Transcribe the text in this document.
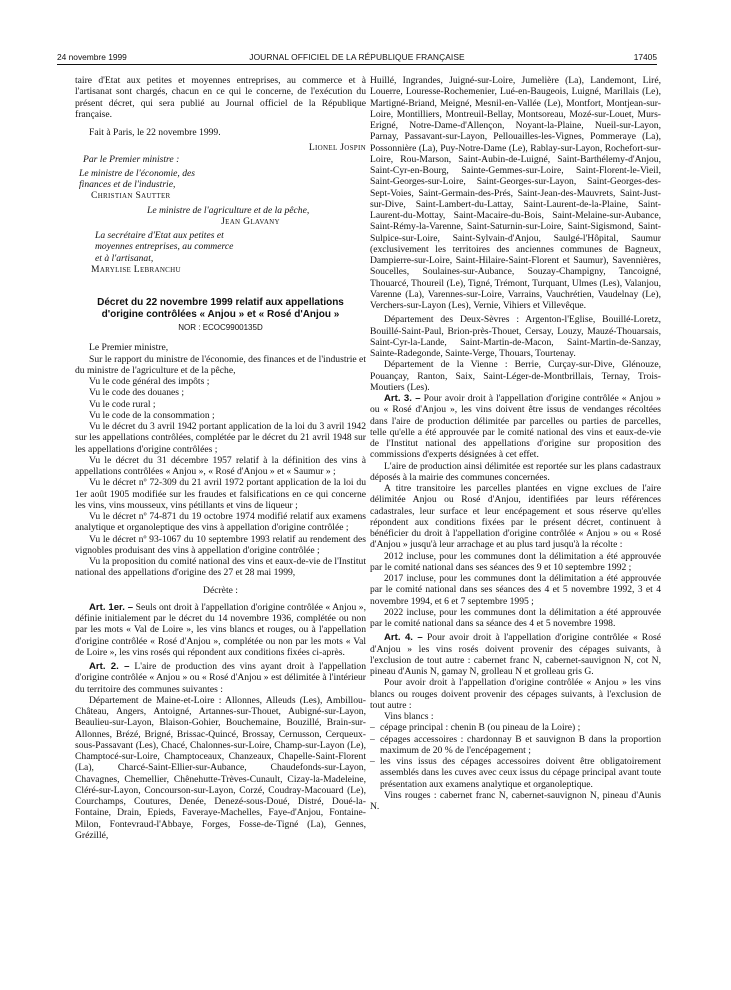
24 novembre 1999	JOURNAL OFFICIEL DE LA RÉPUBLIQUE FRANÇAISE	17405

taire d'Etat aux petites et moyennes entreprises, au commerce et à l'artisanat sont chargés, chacun en ce qui le concerne, de l'exécution du présent décret, qui sera publié au Journal officiel de la République française.

Fait à Paris, le 22 novembre 1999.

Lionel Jospin

Par le Premier ministre :

Le ministre de l'économie, des finances et de l'industrie,

Christian Sautter

Le ministre de l'agriculture et de la pêche,

Jean Glavany

La secrétaire d'Etat aux petites et moyennes entreprises, au commerce et à l'artisanat,

Marylise Lebranchu

Décret du 22 novembre 1999 relatif aux appellations d'origine contrôlées « Anjou » et « Rosé d'Anjou »

NOR : ECOC9900135D

Le Premier ministre,

Sur le rapport du ministre de l'économie, des finances et de l'industrie et du ministre de l'agriculture et de la pêche,

Vu le code général des impôts ;

Vu le code des douanes ;

Vu le code rural ;

Vu le code de la consommation ;

Vu le décret du 3 avril 1942 portant application de la loi du 3 avril 1942 sur les appellations contrôlées, complétée par le décret du 21 avril 1948 sur les appellations d'origine contrôlées ;

Vu le décret du 31 décembre 1957 relatif à la définition des vins à appellations contrôlées « Anjou », « Rosé d'Anjou » et « Saumur » ;

Vu le décret nº 72-309 du 21 avril 1972 portant application de la loi du 1er août 1905 modifiée sur les fraudes et falsifications en ce qui concerne les vins, vins mousseux, vins pétillants et vins de liqueur ;

Vu le décret nº 74-871 du 19 octobre 1974 modifié relatif aux examens analytique et organoleptique des vins à appellation d'origine contrôlée ;

Vu le décret nº 93-1067 du 10 septembre 1993 relatif au rendement des vignobles produisant des vins à appellation d'origine contrôlée ;

Vu la proposition du comité national des vins et eaux-de-vie de l'Institut national des appellations d'origine des 27 et 28 mai 1999,

Décrète :

Art. 1er. – Seuls ont droit à l'appellation d'origine contrôlée « Anjou », définie initialement par le décret du 14 novembre 1936, complétée ou non par les mots « Val de Loire », les vins blancs et rouges, ou à l'appellation d'origine contrôlée « Rosé d'Anjou », complétée ou non par les mots « Val de Loire », les vins rosés qui répondent aux conditions fixées ci-après.

Art. 2. – L'aire de production des vins ayant droit à l'appellation d'origine contrôlée « Anjou » ou « Rosé d'Anjou » est délimitée à l'intérieur du territoire des communes suivantes :

Département de Maine-et-Loire : Allonnes, Alleuds (Les), Ambillou-Château, Angers, Antoigné, Artannes-sur-Thouet, Aubigné-sur-Layon, Beaulieu-sur-Layon, Blaison-Gohier, Bouchemaine, Bouzillé, Brain-sur-Allonnes, Brézé, Brigné, Brissac-Quincé, Brossay, Cernusson, Cerqueux-sous-Passavant (Les), Chacé, Chalonnes-sur-Loire, Champ-sur-Layon (Le), Champtocé-sur-Loire, Champtoceaux, Chanzeaux, Chapelle-Saint-Florent (La), Charcé-Saint-Ellier-sur-Aubance, Chaudefonds-sur-Layon, Chavagnes, Chemellier, Chênehutte-Trèves-Cunault, Cizay-la-Madeleine, Cléré-sur-Layon, Concourson-sur-Layon, Corzé, Coudray-Macouard (Le), Courchamps, Coutures, Denée, Denezé-sous-Doué, Distré, Doué-la-Fontaine, Drain, Epieds, Faveraye-Machelles, Faye-d'Anjou, Fontaine-Milon, Fontevraud-l'Abbaye, Forges, Fosse-de-Tigné (La), Gennes, Grézillé,

Huillé, Ingrandes, Juigné-sur-Loire, Jumelière (La), Landemont, Liré, Louerre, Louresse-Rochemenier, Lué-en-Baugeois, Luigné, Marillais (Le), Martigné-Briand, Meigné, Mesnil-en-Vallée (Le), Montfort, Montjean-sur-Loire, Montilliers, Montreuil-Bellay, Montsoreau, Mozé-sur-Louet, Murs-Erigné, Notre-Dame-d'Allençon, Noyant-la-Plaine, Nueil-sur-Layon, Parnay, Passavant-sur-Layon, Pellouailles-les-Vignes, Pommeraye (La), Possonnière (La), Puy-Notre-Dame (Le), Rablay-sur-Layon, Rochefort-sur-Loire, Rou-Marson, Saint-Aubin-de-Luigné, Saint-Barthélemy-d'Anjou, Saint-Cyr-en-Bourg, Sainte-Gemmes-sur-Loire, Saint-Florent-le-Vieil, Saint-Georges-sur-Loire, Saint-Georges-sur-Layon, Saint-Georges-des-Sept-Voies, Saint-Germain-des-Prés, Saint-Jean-des-Mauvrets, Saint-Just-sur-Dive, Saint-Lambert-du-Lattay, Saint-Laurent-de-la-Plaine, Saint-Laurent-du-Mottay, Saint-Macaire-du-Bois, Saint-Melaine-sur-Aubance, Saint-Rémy-la-Varenne, Saint-Saturnin-sur-Loire, Saint-Sigismond, Saint-Sulpice-sur-Loire, Saint-Sylvain-d'Anjou, Saulgé-l'Hôpital, Saumur (exclusivement les territoires des anciennes communes de Bagneux, Dampierre-sur-Loire, Saint-Hilaire-Saint-Florent et Saumur), Savennières, Soucelles, Soulaines-sur-Aubance, Souzay-Champigny, Tancoigné, Thouarcé, Thoureil (Le), Tigné, Trémont, Turquant, Ulmes (Les), Valanjou, Varenne (La), Varennes-sur-Loire, Varrains, Vauchrétien, Vaudelnay (Le), Verchers-sur-Layon (Les), Vernie, Vihiers et Villevêque.

Département des Deux-Sèvres : Argenton-l'Eglise, Bouillé-Loretz, Bouillé-Saint-Paul, Brion-près-Thouet, Cersay, Louzy, Mauzé-Thouarsais, Saint-Cyr-la-Lande, Saint-Martin-de-Macon, Saint-Martin-de-Sanzay, Sainte-Radegonde, Sainte-Verge, Thouars, Tourtenay.

Département de la Vienne : Berrie, Curçay-sur-Dive, Glénouze, Pouançay, Ranton, Saix, Saint-Léger-de-Montbrillais, Ternay, Trois-Moutiers (Les).

Art. 3. – Pour avoir droit à l'appellation d'origine contrôlée « Anjou » ou « Rosé d'Anjou », les vins doivent être issus de vendanges récoltées dans l'aire de production délimitée par parcelles ou parties de parcelles, telle qu'elle a été approuvée par le comité national des vins et eaux-de-vie de l'Institut national des appellations d'origine sur proposition des commissions d'experts désignées à cet effet.

L'aire de production ainsi délimitée est reportée sur les plans cadastraux déposés à la mairie des communes concernées.

A titre transitoire les parcelles plantées en vigne exclues de l'aire délimitée Anjou ou Rosé d'Anjou, identifiées par leurs références cadastrales, leur surface et leur encépagement et sous réserve qu'elles répondent aux conditions fixées par le présent décret, continuent à bénéficier du droit à l'appellation d'origine contrôlée « Anjou » ou « Rosé d'Anjou » jusqu'à leur arrachage et au plus tard jusqu'à la récolte :

2012 incluse, pour les communes dont la délimitation a été approuvée par le comité national dans ses séances des 9 et 10 septembre 1992 ;

2017 incluse, pour les communes dont la délimitation a été approuvée par le comité national dans ses séances des 4 et 5 novembre 1992, 3 et 4 novembre 1994, et 6 et 7 septembre 1995 ;

2022 incluse, pour les communes dont la délimitation a été approuvée par le comité national dans sa séance des 4 et 5 novembre 1998.

Art. 4. – Pour avoir droit à l'appellation d'origine contrôlée « Rosé d'Anjou » les vins rosés doivent provenir des cépages suivants, à l'exclusion de tout autre : cabernet franc N, cabernet-sauvignon N, cot N, pineau d'Aunis N, gamay N, grolleau N et grolleau gris G.

Pour avoir droit à l'appellation d'origine contrôlée « Anjou » les vins blancs ou rouges doivent provenir des cépages suivants, à l'exclusion de tout autre :

Vins blancs :

– cépage principal : chenin B (ou pineau de la Loire) ;
– cépages accessoires : chardonnay B et sauvignon B dans la proportion maximum de 20 % de l'encépagement ;
– les vins issus des cépages accessoires doivent être obligatoirement assemblés dans les cuves avec ceux issus du cépage principal avant toute présentation aux examens analytique et organoleptique.

Vins rouges : cabernet franc N, cabernet-sauvignon N, pineau d'Aunis N.
